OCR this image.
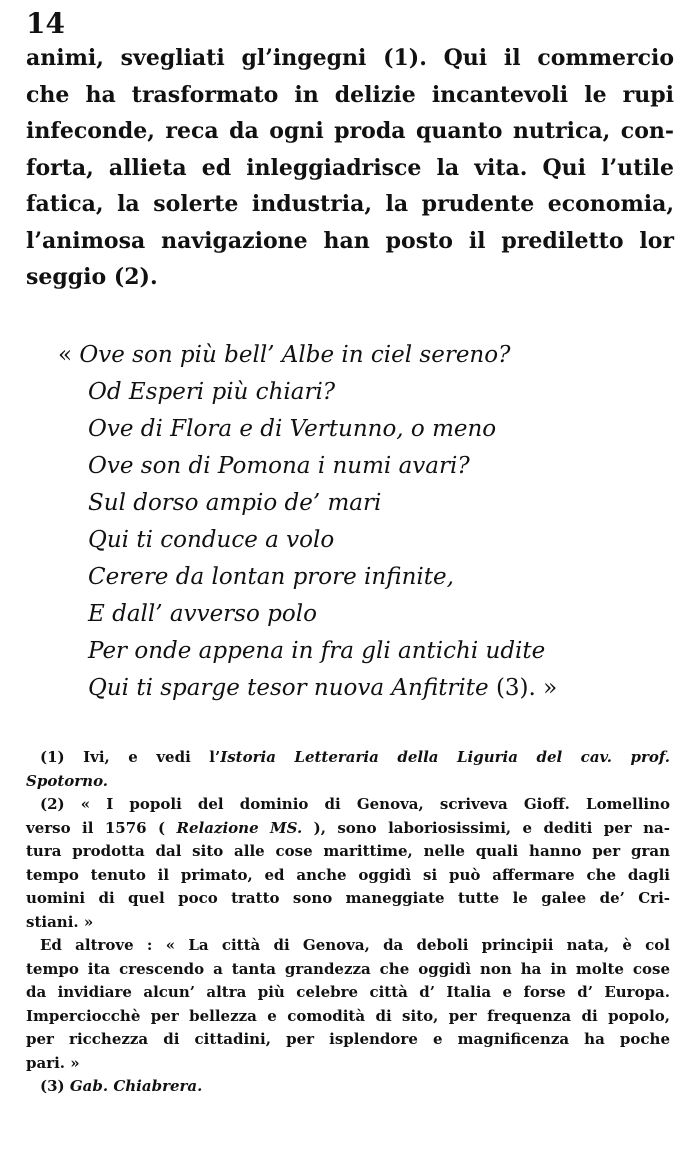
14
animi, svegliati gl’ingegni (1). Qui il commercio
che ha trasformato in delizie incantevoli le rupi
infeconde, reca da ogni proda quanto nutrica, con-
forta, allieta ed inleggiadrisce la vita. Qui l’utile
fatica, la solerte industria, la prudente economia,
l’animosa navigazione han posto il prediletto lor
seggio (2).
« Ove son più bell’ Albe in ciel sereno?
Od Esperi più chiari?
Ove di Flora e di Vertunno, o meno
Ove son di Pomona i numi avari?
Sul dorso ampio de’ mari
Qui ti conduce a volo
Cerere da lontan prore infinite,
E dall’ avverso polo
Per onde appena in fra gli antichi udite
Qui ti sparge tesor nuova Anfitrite (3). »
(1) Ivi, e vedi l’Istoria Letteraria della Liguria del cav. prof.
Spotorno.
(2) « I popoli del dominio di Genova, scriveva Gioff. Lomellino
verso il 1576 ( Relazione MS. ), sono laboriosissimi, e dediti per na-
tura prodotta dal sito alle cose marittime, nelle quali hanno per gran
tempo tenuto il primato, ed anche oggidì si può affermare che dagli
uomini di quel poco tratto sono maneggiate tutte le galee de’ Cri-
stiani. »
Ed altrove : « La città di Genova, da deboli principii nata, è col
tempo ita crescendo a tanta grandezza che oggidì non ha in molte cose
da invidiare alcun’ altra più celebre città d’ Italia e forse d’ Europa.
Imperciocchè per bellezza e comodità di sito, per frequenza di popolo,
per ricchezza di cittadini, per isplendore e magnificenza ha poche
pari. »
(3) Gab. Chiabrera.
